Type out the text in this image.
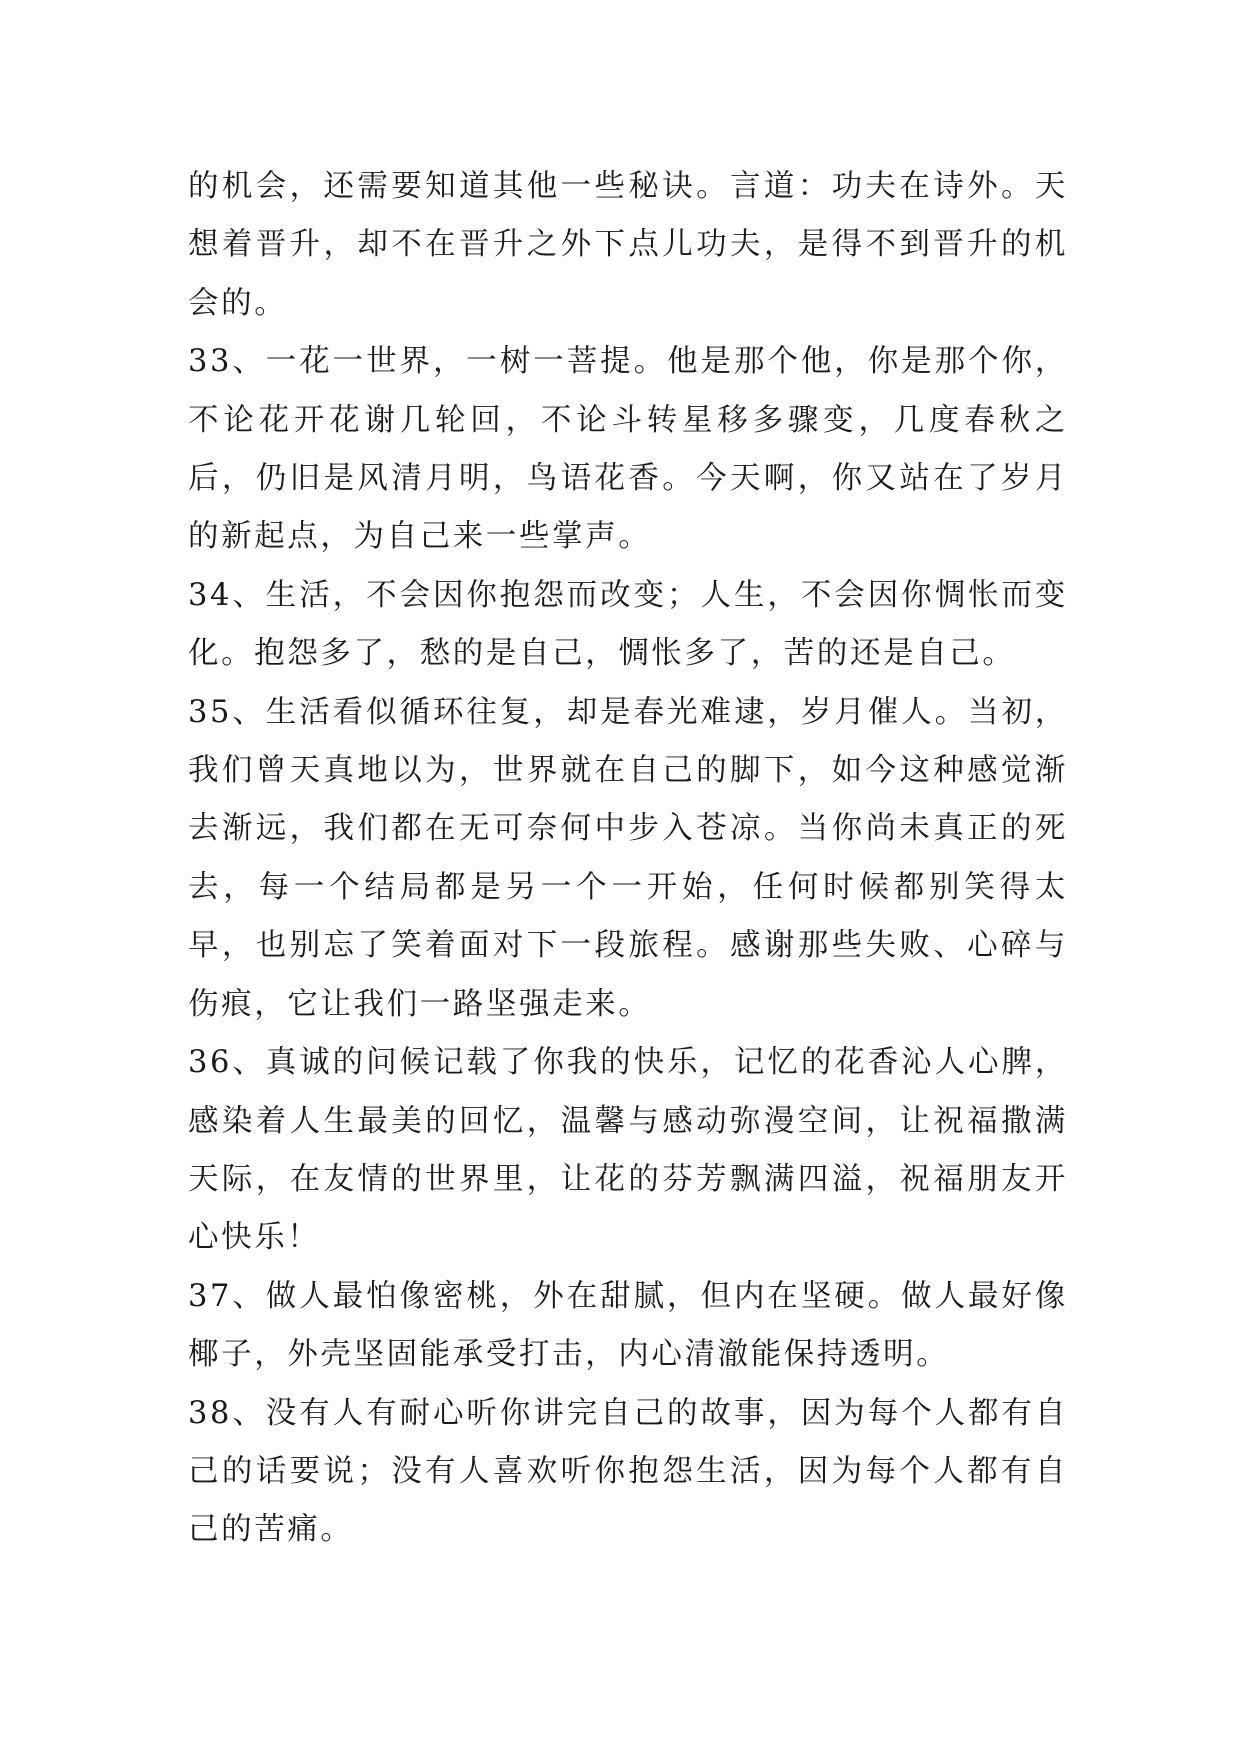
的机会，还需要知道其他一些秘诀。言道：功夫在诗外。天想着晋升，却不在晋升之外下点儿功夫，是得不到晋升的机会的。

33、一花一世界，一树一菩提。他是那个他，你是那个你，不论花开花谢几轮回，不论斗转星移多骤变，几度春秋之后，仍旧是风清月明，鸟语花香。今天啊，你又站在了岁月的新起点，为自己来一些掌声。

34、生活，不会因你抱怨而改变；人生，不会因你惆怅而变化。抱怨多了，愁的是自己，惆怅多了，苦的还是自己。

35、生活看似循环往复，却是春光难逮，岁月催人。当初，我们曾天真地以为，世界就在自己的脚下，如今这种感觉渐去渐远，我们都在无可奈何中步入苍凉。当你尚未真正的死去，每一个结局都是另一个一开始，任何时候都别笑得太早，也别忘了笑着面对下一段旅程。感谢那些失败、心碎与伤痕，它让我们一路坚强走来。

36、真诚的问候记载了你我的快乐，记忆的花香沁人心脾，感染着人生最美的回忆，温馨与感动弥漫空间，让祝福撒满天际，在友情的世界里，让花的芬芳飘满四溢，祝福朋友开心快乐！

37、做人最怕像密桃，外在甜腻，但内在坚硬。做人最好像椰子，外壳坚固能承受打击，内心清澈能保持透明。

38、没有人有耐心听你讲完自己的故事，因为每个人都有自己的话要说；没有人喜欢听你抱怨生活，因为每个人都有自己的苦痛。
